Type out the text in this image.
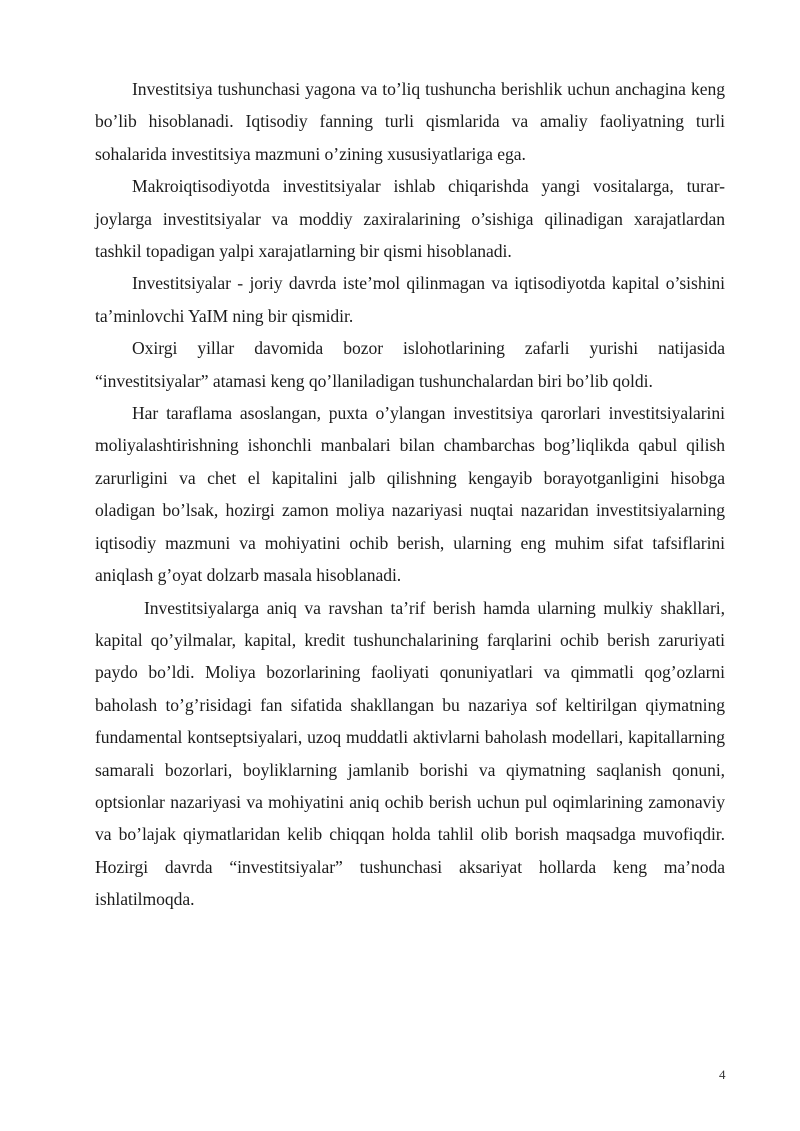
Investitsiya tushunchasi yagona va to’liq tushuncha berishlik uchun anchagina keng bo’lib hisoblanadi. Iqtisodiy fanning turli qismlarida va amaliy faoliyatning turli sohalarida investitsiya mazmuni o’zining xususiyatlariga ega.

Makroiqtisodiyotda investitsiyalar ishlab chiqarishda yangi vositalarga, turar-joylarga investitsiyalar va moddiy zaxiralarining o’sishiga qilinadigan xarajatlardan tashkil topadigan yalpi xarajatlarning bir qismi hisoblanadi.

Investitsiyalar - joriy davrda iste’mol qilinmagan va iqtisodiyotda kapital o’sishini ta’minlovchi YaIM ning bir qismidir.

Oxirgi yillar davomida bozor islohotlarining zafarli yurishi natijasida “investitsiyalar” atamasi keng qo’llaniladigan tushunchalardan biri bo’lib qoldi.

Har taraflama asoslangan, puxta o’ylangan investitsiya qarorlari investitsiyalarini moliyalashtirishning ishonchli manbalari bilan chambarchas bog’liqlikda qabul qilish zarurligini va chet el kapitalini jalb qilishning kengayib borayotganligini hisobga oladigan bo’lsak, hozirgi zamon moliya nazariyasi nuqtai nazaridan investitsiyalarning iqtisodiy mazmuni va mohiyatini ochib berish, ularning eng muhim sifat tafsiflarini aniqlash g’oyat dolzarb masala hisoblanadi.

Investitsiyalarga aniq va ravshan ta’rif berish hamda ularning mulkiy shakllari, kapital qo’yilmalar, kapital, kredit tushunchalarining farqlarini ochib berish zaruriyati paydo bo’ldi. Moliya bozorlarining faoliyati qonuniyatlari va qimmatli qog’ozlarni baholash to’g’risidagi fan sifatida shakllangan bu nazariya sof keltirilgan qiymatning fundamental kontseptsiyalari, uzoq muddatli aktivlarni baholash modellari, kapitallarning samarali bozorlari, boyliklarning jamlanib borishi va qiymatning saqlanish qonuni, optsionlar nazariyasi va mohiyatini aniq ochib berish uchun pul oqimlarining zamonaviy va bo’lajak qiymatlaridan kelib chiqqan holda tahlil olib borish maqsadga muvofiqdir. Hozirgi davrda “investitsiyalar” tushunchasi aksariyat hollarda keng ma’noda ishlatilmoqda.

4
